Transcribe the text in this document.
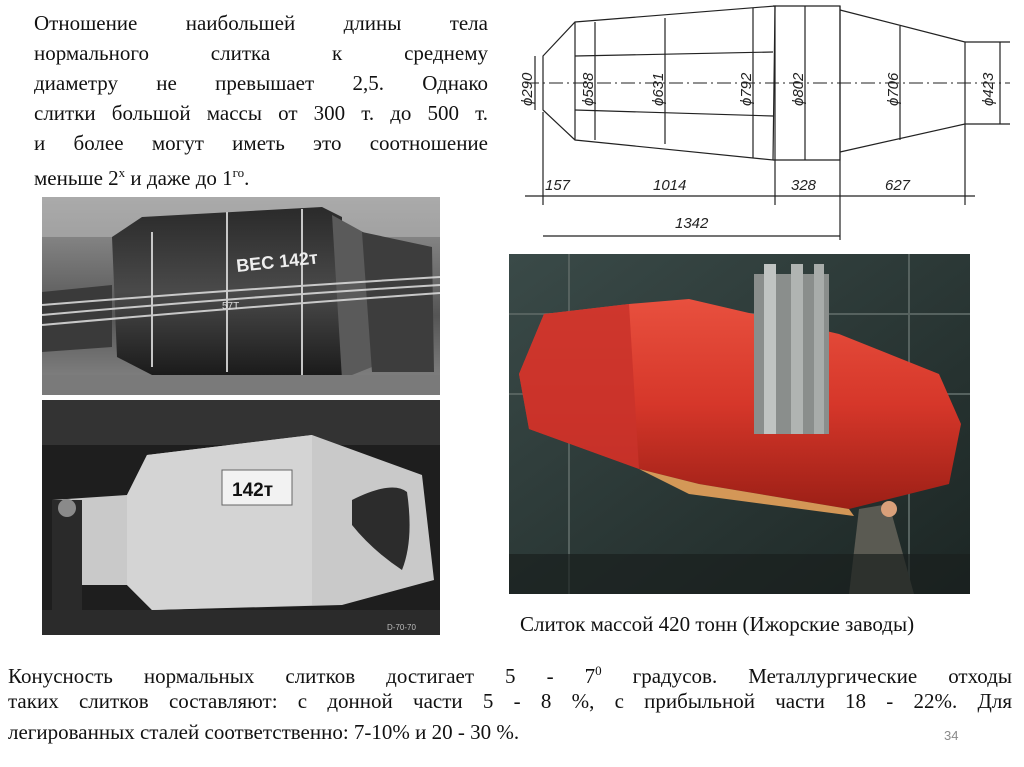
Отношение наибольшей длины тела
нормального слитка к среднему
диаметру не превышает 2,5. Однако
слитки большой массы от 300 т. до 500 т.
и более могут иметь это соотношение
меньше $2^х$ и даже до $1^{го}$.
ϕ290	ϕ588	ϕ631	ϕ792 ϕ802	ϕ706	ϕ423
157	1014	328	627
1342
ВЕС 142т
57Т
142т
D-70-70	Слиток массой 420 тонн (Ижорские заводы)
Конусность нормальных слитков достигает $5 - 7^0$ градусов. Металлургические отходы
таких слитков составляют: с донной части 5 - 8 %, с прибыльной части 18 - 22%. Для
легированных сталей соответственно: 7-10% и 20 - 30 %.	34
